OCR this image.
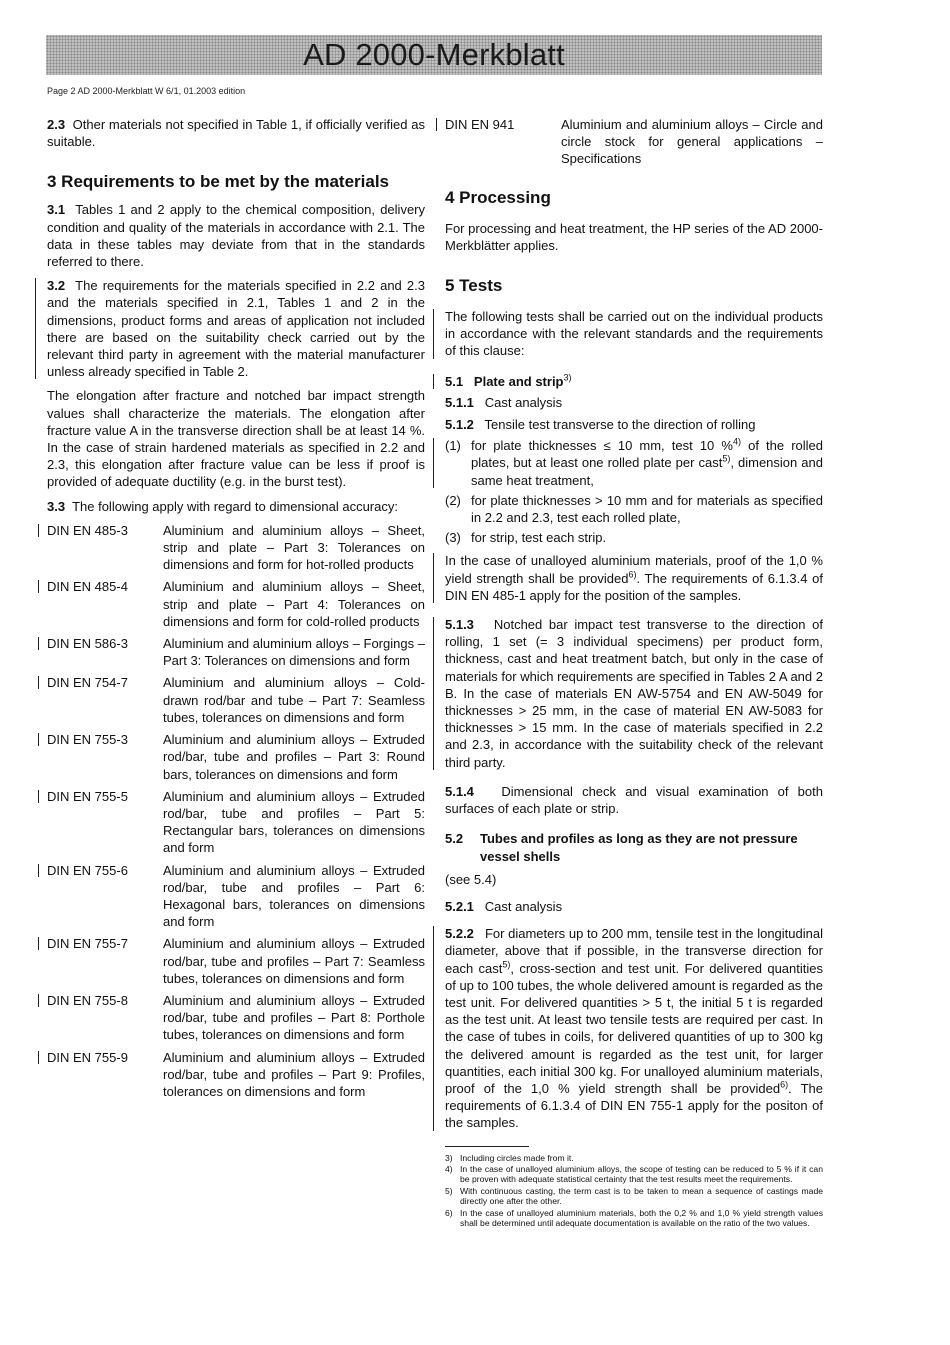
AD 2000-Merkblatt
Page 2 AD 2000-Merkblatt W 6/1, 01.2003 edition

2.3 Other materials not specified in Table 1, if officially verified as suitable.

3 Requirements to be met by the materials

3.1 Tables 1 and 2 apply to the chemical composition, delivery condition and quality of the materials in accordance with 2.1. The data in these tables may deviate from that in the standards referred to there.

3.2 The requirements for the materials specified in 2.2 and 2.3 and the materials specified in 2.1, Tables 1 and 2 in the dimensions, product forms and areas of application not included there are based on the suitability check carried out by the relevant third party in agreement with the material manufacturer unless already specified in Table 2.

The elongation after fracture and notched bar impact strength values shall characterize the materials. The elongation after fracture value A in the transverse direction shall be at least 14 %. In the case of strain hardened materials as specified in 2.2 and 2.3, this elongation after fracture value can be less if proof is provided of adequate ductility (e.g. in the burst test).

3.3 The following apply with regard to dimensional accuracy:

DIN EN 485-3	Aluminium and aluminium alloys – Sheet, strip and plate – Part 3: Tolerances on dimensions and form for hot-rolled products
DIN EN 485-4	Aluminium and aluminium alloys – Sheet, strip and plate – Part 4: Tolerances on dimensions and form for cold-rolled products
DIN EN 586-3	Aluminium and aluminium alloys – Forgings – Part 3: Tolerances on dimensions and form
DIN EN 754-7	Aluminium and aluminium alloys – Cold-drawn rod/bar and tube – Part 7: Seamless tubes, tolerances on dimensions and form
DIN EN 755-3	Aluminium and aluminium alloys – Extruded rod/bar, tube and profiles – Part 3: Round bars, tolerances on dimensions and form
DIN EN 755-5	Aluminium and aluminium alloys – Extruded rod/bar, tube and profiles – Part 5: Rectangular bars, tolerances on dimensions and form
DIN EN 755-6	Aluminium and aluminium alloys – Extruded rod/bar, tube and profiles – Part 6: Hexagonal bars, tolerances on dimensions and form
DIN EN 755-7	Aluminium and aluminium alloys – Extruded rod/bar, tube and profiles – Part 7: Seamless tubes, tolerances on dimensions and form
DIN EN 755-8	Aluminium and aluminium alloys – Extruded rod/bar, tube and profiles – Part 8: Porthole tubes, tolerances on dimensions and form
DIN EN 755-9	Aluminium and aluminium alloys – Extruded rod/bar, tube and profiles – Part 9: Profiles, tolerances on dimensions and form
DIN EN 941	Aluminium and aluminium alloys – Circle and circle stock for general applications – Specifications
4 Processing

For processing and heat treatment, the HP series of the AD 2000-Merkblätter applies.

5 Tests

The following tests shall be carried out on the individual products in accordance with the relevant standards and the requirements of this clause:

5.1 Plate and strip$^{3)}$

5.1.1 Cast analysis

5.1.2 Tensile test transverse to the direction of rolling

(1) for plate thicknesses ≤ 10 mm, test 10 %$^{4)}$ of the rolled plates, but at least one rolled plate per cast$^{5)}$, dimension and same heat treatment,
(2) for plate thicknesses > 10 mm and for materials as specified in 2.2 and 2.3, test each rolled plate,
(3) for strip, test each strip.

In the case of unalloyed aluminium materials, proof of the 1,0 % yield strength shall be provided$^{6)}$. The requirements of 6.1.3.4 of DIN EN 485-1 apply for the position of the samples.

5.1.3 Notched bar impact test transverse to the direction of rolling, 1 set (= 3 individual specimens) per product form, thickness, cast and heat treatment batch, but only in the case of materials for which requirements are specified in Tables 2 A and 2 B. In the case of materials EN AW-5754 and EN AW-5049 for thicknesses > 25 mm, in the case of material EN AW-5083 for thicknesses > 15 mm. In the case of materials specified in 2.2 and 2.3, in accordance with the suitability check of the relevant third party.

5.1.4 Dimensional check and visual examination of both surfaces of each plate or strip.

5.2	Tubes and profiles as long as they are not pressure vessel shells

(see 5.4)

5.2.1 Cast analysis

5.2.2 For diameters up to 200 mm, tensile test in the longitudinal diameter, above that if possible, in the transverse direction for each cast$^{5)}$, cross-section and test unit. For delivered quantities of up to 100 tubes, the whole delivered amount is regarded as the test unit. For delivered quantities > 5 t, the initial 5 t is regarded as the test unit. At least two tensile tests are required per cast. In the case of tubes in coils, for delivered quantities of up to 300 kg the delivered amount is regarded as the test unit, for larger quantities, each initial 300 kg. For unalloyed aluminium materials, proof of the 1,0 % yield strength shall be provided$^{6)}$. The requirements of 6.1.3.4 of DIN EN 755-1 apply for the positon of the samples.

3) Including circles made from it.
4) In the case of unalloyed aluminium alloys, the scope of testing can be reduced to 5 % if it can be proven with adequate statistical certainty that the test results meet the requirements.
5) With continuous casting, the term cast is to be taken to mean a sequence of castings made directly one after the other.
6) In the case of unalloyed aluminium materials, both the 0,2 % and 1,0 % yield strength values shall be determined until adequate documentation is available on the ratio of the two values.
